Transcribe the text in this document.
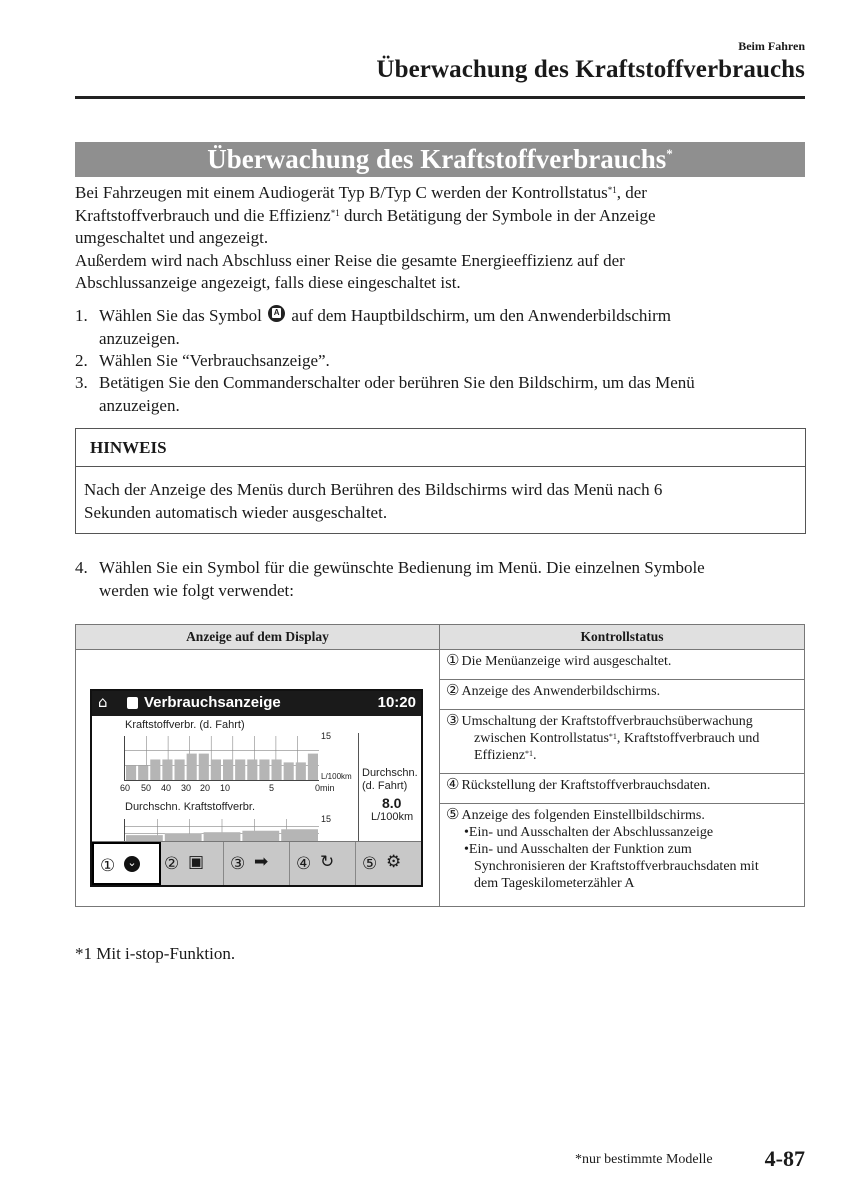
Beim Fahren
Überwachung des Kraftstoffverbrauchs
Überwachung des Kraftstoffverbrauchs*
Bei Fahrzeugen mit einem Audiogerät Typ B/Typ C werden der Kontrollstatus$^{*1}$, der
Kraftstoffverbrauch und die Effizienz$^{*1}$ durch Betätigung der Symbole in der Anzeige
umgeschaltet und angezeigt.
Außerdem wird nach Abschluss einer Reise die gesamte Energieeffizienz auf der
Abschlussanzeige angezeigt, falls diese eingeschaltet ist.
1. Wählen Sie das Symbol A auf dem Hauptbildschirm, um den Anwenderbildschirm
anzuzeigen.
2. Wählen Sie “Verbrauchsanzeige”.
3. Betätigen Sie den Commanderschalter oder berühren Sie den Bildschirm, um das Menü
anzuzeigen.
HINWEIS
Nach der Anzeige des Menüs durch Berühren des Bildschirms wird das Menü nach 6
Sekunden automatisch wieder ausgeschaltet.
4. Wählen Sie ein Symbol für die gewünschte Bedienung im Menü. Die einzelnen Symbole
werden wie folgt verwendet:
Anzeige auf dem Display	Kontrollstatus
	① Die Menüanzeige wird ausgeschaltet.
	② Anzeige des Anwenderbildschirms.
	③ Umschaltung der Kraftstoffverbrauchsüberwachung
zwischen Kontrollstatus$^{*1}$, Kraftstoffverbrauch und
Effizienz$^{*1}$.
	④ Rückstellung der Kraftstoffverbrauchsdaten.
	⑤ Anzeige des folgenden Einstellbildschirms.
•Ein- und Ausschalten der Abschlussanzeige
•Ein- und Ausschalten der Funktion zum
Synchronisieren der Kraftstoffverbrauchsdaten mit
dem Tageskilometerzähler A
⌂ Verbrauchsanzeige	10:20
Kraftstoffverbr. (d. Fahrt)
15
L/100km
0min
60 50 40 30 20 10	5
Durchschn.
(d. Fahrt)
8.0
L/100km
Durchschn. Kraftstoffverbr.
15
①	⌄ ② ▣ ③ ➡ ④ ↻ ⑤ ⚙
*1 Mit i-stop-Funktion.
*nur bestimmte Modelle 4-87
